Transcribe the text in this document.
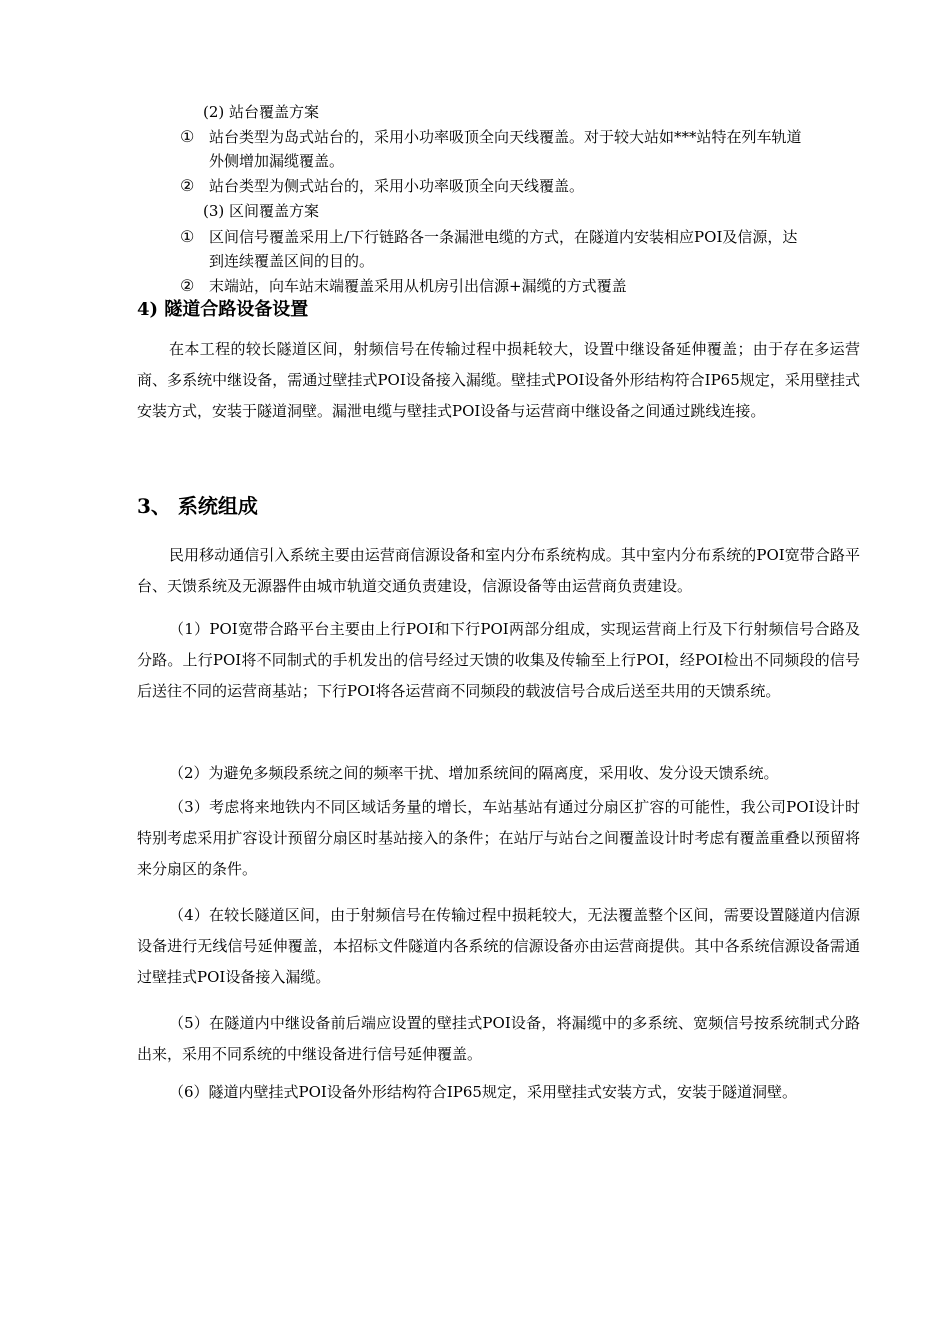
(2) 站台覆盖方案
① 站台类型为岛式站台的，采用小功率吸顶全向天线覆盖。对于较大站如***站特在列车轨道
外侧增加漏缆覆盖。
② 站台类型为侧式站台的，采用小功率吸顶全向天线覆盖。
(3) 区间覆盖方案
① 区间信号覆盖采用上/下行链路各一条漏泄电缆的方式，在隧道内安装相应POI及信源，达
到连续覆盖区间的目的。
② 末端站，向车站末端覆盖采用从机房引出信源+漏缆的方式覆盖
4) 隧道合路设备设置
在本工程的较长隧道区间，射频信号在传输过程中损耗较大，设置中继设备延伸覆盖；由于存在多运营商、多系统中继设备，需通过壁挂式POI设备接入漏缆。壁挂式POI设备外形结构符合IP65规定，采用壁挂式安装方式，安装于隧道洞壁。漏泄电缆与壁挂式POI设备与运营商中继设备之间通过跳线连接。
3、 系统组成
民用移动通信引入系统主要由运营商信源设备和室内分布系统构成。其中室内分布系统的POI宽带合路平台、天馈系统及无源器件由城市轨道交通负责建设，信源设备等由运营商负责建设。
（1）POI宽带合路平台主要由上行POI和下行POI两部分组成，实现运营商上行及下行射频信号合路及分路。上行POI将不同制式的手机发出的信号经过天馈的收集及传输至上行POI，经POI检出不同频段的信号后送往不同的运营商基站；下行POI将各运营商不同频段的载波信号合成后送至共用的天馈系统。
（2）为避免多频段系统之间的频率干扰、增加系统间的隔离度，采用收、发分设天馈系统。
（3）考虑将来地铁内不同区域话务量的增长，车站基站有通过分扇区扩容的可能性，我公司POI设计时特别考虑采用扩容设计预留分扇区时基站接入的条件；在站厅与站台之间覆盖设计时考虑有覆盖重叠以预留将来分扇区的条件。
（4）在较长隧道区间，由于射频信号在传输过程中损耗较大，无法覆盖整个区间，需要设置隧道内信源设备进行无线信号延伸覆盖，本招标文件隧道内各系统的信源设备亦由运营商提供。其中各系统信源设备需通过壁挂式POI设备接入漏缆。
（5）在隧道内中继设备前后端应设置的壁挂式POI设备，将漏缆中的多系统、宽频信号按系统制式分路出来，采用不同系统的中继设备进行信号延伸覆盖。
（6）隧道内壁挂式POI设备外形结构符合IP65规定，采用壁挂式安装方式，安装于隧道洞壁。
